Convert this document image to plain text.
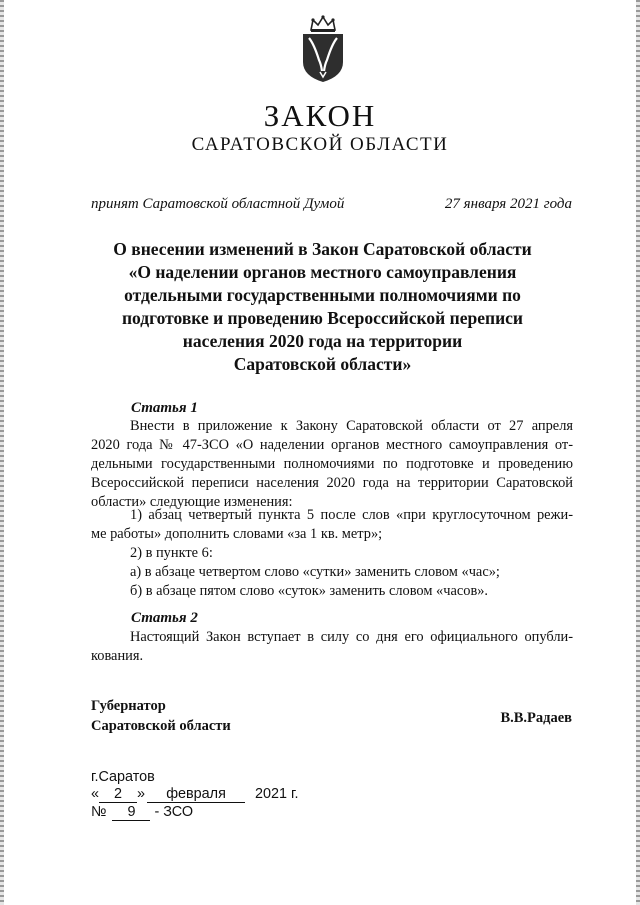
ЗАКОН
САРАТОВСКОЙ ОБЛАСТИ
принят Саратовской областной Думой	27 января 2021 года
О внесении изменений в Закон Саратовской области
«О наделении органов местного самоуправления
отдельными государственными полномочиями по
подготовке и проведению Всероссийской переписи
населения 2020 года на территории
Саратовской области»
Статья 1
Внести в приложение к Закону Саратовской области от 27 апреля
2020 года № 47-ЗСО «О наделении органов местного самоуправления от-
дельными государственными полномочиями по подготовке и проведению
Всероссийской переписи населения 2020 года на территории Саратовской
области» следующие изменения:
1) абзац четвертый пункта 5 после слов «при круглосуточном режи-
ме работы» дополнить словами «за 1 кв. метр»;
2) в пункте 6:
а) в абзаце четвертом слово «сутки» заменить словом «час»;
б) в абзаце пятом слово «суток» заменить словом «часов».
Статья 2
Настоящий Закон вступает в силу со дня его официального опубли-
кования.
Губернатор
Саратовской области	В.В.Радаев
г.Саратов
« 2 » февраля 2021 г.
№ 9 - ЗСО
